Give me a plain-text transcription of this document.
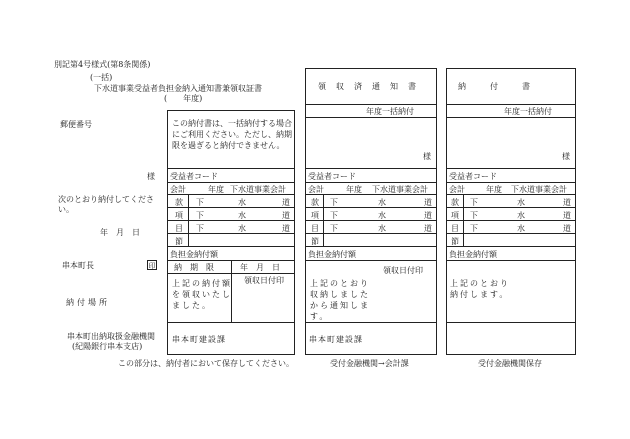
別記第4号様式(第8条関係)
(一括)
下水道事業受益者負担金納入通知書兼領収証書
(　　年度)
郵便番号
様
次のとおり納付してください。
年　月　日
串本町長	印
納付場所
串本町出納取扱金融機関
(紀陽銀行串本支店)
この部分は、納付者において保存してください。
この納付書は、一括納付する場合にご利用ください。ただし、納期限を過ぎると納付できません。
受益者コード
会計	年度 下水道事業会計
款 下	水	道
項 下	水	道
目 下	水	道
節
負担金納付額
納　期　限	年　月　日
領収日付印
上記の納付額を領収いたしました。
串本町建設課
領　収　済　通　知　書
年度一括納付
様
受益者コード
会計	年度 下水道事業会計
款 下	水	道
項 下	水	道
目 下	水	道
節
負担金納付額
領収日付印
上記のとおり収納しましたから通知します。
串本町建設課
受付金融機関→会計課
納　　　付　　　書
年度一括納付
様
受益者コード
会計	年度 下水道事業会計
款 下	水	道
項 下	水	道
目 下	水	道
節
負担金納付額
上記のとおり納付します。
受付金融機関保存
